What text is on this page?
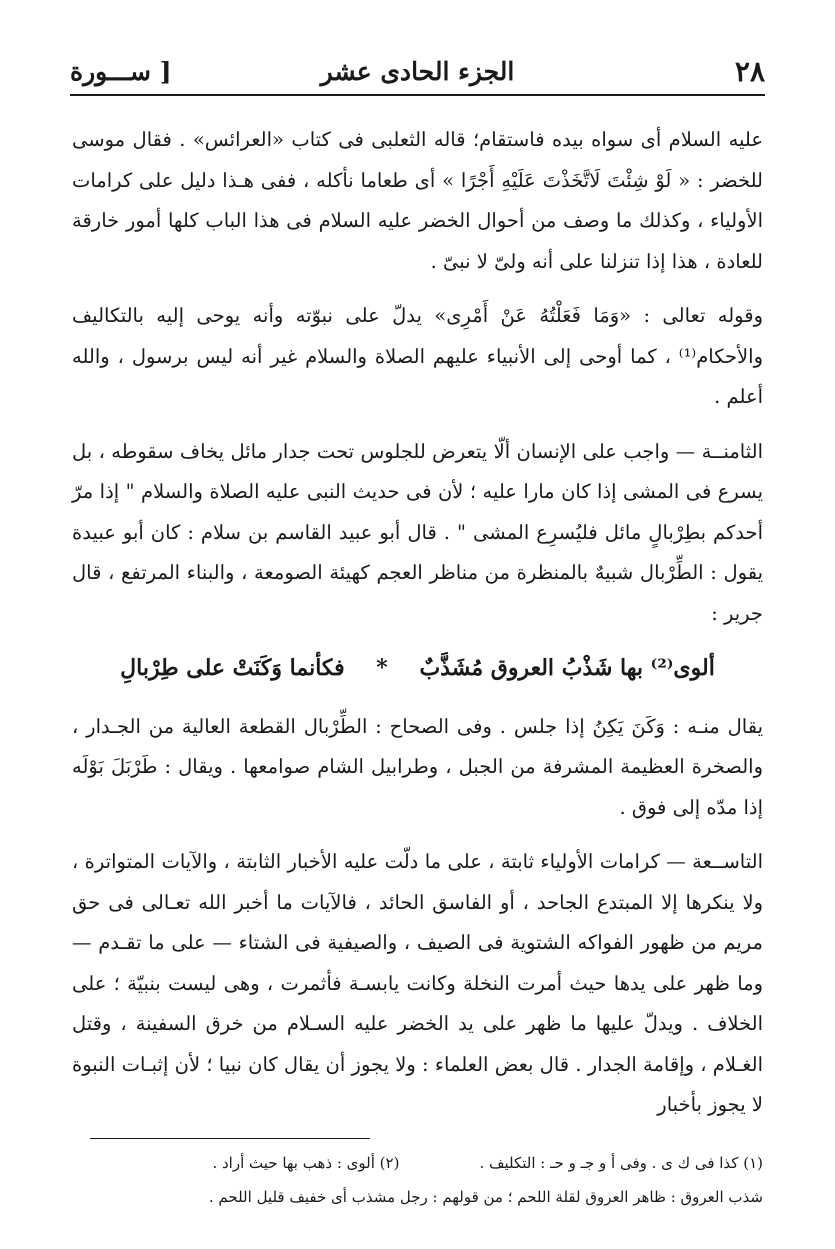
٢٨
الجزء الحادى عشر
[ ســـورة

عليه السلام أى سواه بيده فاستقام؛ قاله الثعلبى فى كتاب «العرائس» . فقال موسى للخضر : « لَوْ شِئْتَ لَاتَّخَذْتَ عَلَيْهِ أَجْرًا » أى طعاما نأكله ، ففى هـذا دليل على كرامات الأولياء ، وكذلك ما وصف من أحوال الخضر عليه السلام فى هذا الباب كلها أمور خارقة للعادة ، هذا إذا تنزلنا على أنه ولىّ لا نبىّ .

وقوله تعالى : «وَمَا فَعَلْتُهُ عَنْ أَمْرِى» يدلّ على نبوّته وأنه يوحى إليه بالتكاليف والأحكام⁽¹⁾ ، كما أوحى إلى الأنبياء عليهم الصلاة والسلام غير أنه ليس برسول ، والله أعلم .

الثامنــة — واجب على الإنسان ألّا يتعرض للجلوس تحت جدار مائل يخاف سقوطه ، بل يسرع فى المشى إذا كان مارا عليه ؛ لأن فى حديث النبى عليه الصلاة والسلام " إذا مرّ أحدكم بطِرْبالٍ مائل فليُسرِع المشى " . قال أبو عبيد القاسم بن سلام : كان أبو عبيدة يقول : الطِّرْبال شبيهٌ بالمنظرة من مناظر العجم كهيئة الصومعة ، والبناء المرتفع ، قال جرير :

ألوى⁽²⁾ بها شَذْبُ العروق مُشَذَّبٌ * فكأنما وَكَنَتْ على طِرْبالِ

يقال منـه : وَكَنَ يَكِنُ إذا جلس . وفى الصحاح : الطِّرْبال القطعة العالية من الجـدار ، والصخرة العظيمة المشرفة من الجبل ، وطرابيل الشام صوامعها . ويقال : طَرْبَلَ بَوْلَه إذا مدّه إلى فوق .

التاســعة — كرامات الأولياء ثابتة ، على ما دلّت عليه الأخبار الثابتة ، والآيات المتواترة ، ولا ينكرها إلا المبتدع الجاحد ، أو الفاسق الحائد ، فالآيات ما أخبر الله تعـالى فى حق مريم من ظهور الفواكه الشتوية فى الصيف ، والصيفية فى الشتاء — على ما تقـدم — وما ظهر على يدها حيث أمرت النخلة وكانت يابسـة فأثمرت ، وهى ليست بنبيّة ؛ على الخلاف . ويدلّ عليها ما ظهر على يد الخضر عليه السـلام من خرق السفينة ، وقتل الغـلام ، وإقامة الجدار . قال بعض العلماء : ولا يجوز أن يقال كان نبيا ؛ لأن إثبـات النبوة لا يجوز بأخبار

(١) كذا فى ك ى . وفى أ و جـ و حـ : التكليف .
(٢) ألوى : ذهب بها حيث أراد .
شذب العروق : ظاهر العروق لقلة اللحم ؛ من قولهم : رجل مشذب أى خفيف قليل اللحم .
